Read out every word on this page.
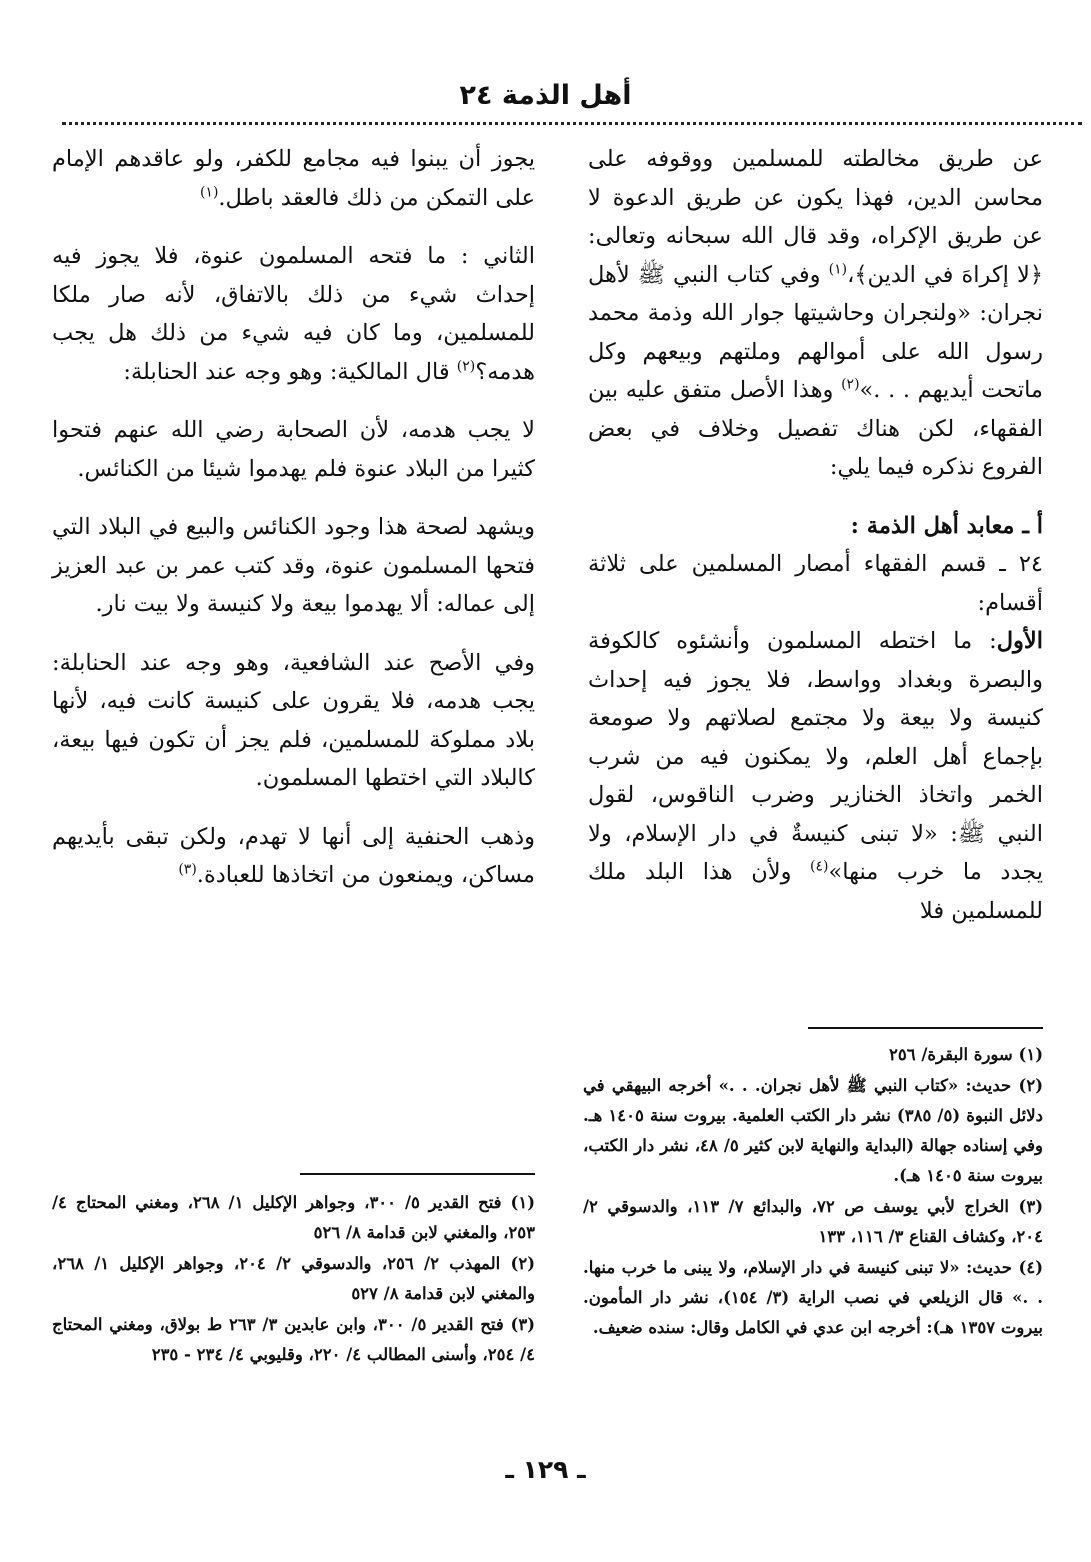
أهل الذمة ٢٤

عن طريق مخالطته للمسلمين ووقوفه على محاسن الدين، فهذا يكون عن طريق الدعوة لا عن طريق الإكراه، وقد قال الله سبحانه وتعالى: ﴿لا إكراهَ في الدين﴾،$^{(١)}$ وفي كتاب النبي ﷺ لأهل نجران: «ولنجران وحاشيتها جوار الله وذمة محمد رسول الله على أموالهم وملتهم وبيعهم وكل ماتحت أيديهم . . .»$^{(٢)}$ وهذا الأصل متفق عليه بين الفقهاء، لكن هناك تفصيل وخلاف في بعض الفروع نذكره فيما يلي:

أ ـ معابد أهل الذمة :

٢٤ ـ قسم الفقهاء أمصار المسلمين على ثلاثة أقسام:

الأول: ما اختطه المسلمون وأنشئوه كالكوفة والبصرة وبغداد وواسط، فلا يجوز فيه إحداث كنيسة ولا بيعة ولا مجتمع لصلاتهم ولا صومعة بإجماع أهل العلم، ولا يمكنون فيه من شرب الخمر واتخاذ الخنازير وضرب الناقوس، لقول النبي ﷺ: «لا تبنى كنيسةٌ في دار الإسلام، ولا يجدد ما خرب منها»$^{(٤)}$ ولأن هذا البلد ملك للمسلمين فلا

يجوز أن يبنوا فيه مجامع للكفر، ولو عاقدهم الإمام على التمكن من ذلك فالعقد باطل.$^{(١)}$

الثاني : ما فتحه المسلمون عنوة، فلا يجوز فيه إحداث شيء من ذلك بالاتفاق، لأنه صار ملكا للمسلمين، وما كان فيه شيء من ذلك هل يجب هدمه؟$^{(٢)}$ قال المالكية: وهو وجه عند الحنابلة:

لا يجب هدمه، لأن الصحابة رضي الله عنهم فتحوا كثيرا من البلاد عنوة فلم يهدموا شيئا من الكنائس.

ويشهد لصحة هذا وجود الكنائس والبيع في البلاد التي فتحها المسلمون عنوة، وقد كتب عمر بن عبد العزيز إلى عماله: ألا يهدموا بيعة ولا كنيسة ولا بيت نار.

وفي الأصح عند الشافعية، وهو وجه عند الحنابلة: يجب هدمه، فلا يقرون على كنيسة كانت فيه، لأنها بلاد مملوكة للمسلمين، فلم يجز أن تكون فيها بيعة، كالبلاد التي اختطها المسلمون.

وذهب الحنفية إلى أنها لا تهدم، ولكن تبقى بأيديهم مساكن، ويمنعون من اتخاذها للعبادة.$^{(٣)}$

(١) سورة البقرة/ ٢٥٦

(٢) حديث: «كتاب النبي ﷺ لأهل نجران. . .» أخرجه البيهقي في دلائل النبوة (٥/ ٣٨٥) نشر دار الكتب العلمية. بيروت سنة ١٤٠٥ هـ. وفي إسناده جهالة (البداية والنهاية لابن كثير ٥/ ٤٨، نشر دار الكتب، بيروت سنة ١٤٠٥ هـ).

(٣) الخراج لأبي يوسف ص ٧٢، والبدائع ٧/ ١١٣، والدسوقي ٢/ ٢٠٤، وكشاف القناع ٣/ ١١٦، ١٣٣

(٤) حديث: «لا تبنى كنيسة في دار الإسلام، ولا يبنى ما خرب منها. . .» قال الزيلعي في نصب الراية (٣/ ١٥٤)، نشر دار المأمون. بيروت ١٣٥٧ هـ): أخرجه ابن عدي في الكامل وقال: سنده ضعيف.

(١) فتح القدير ٥/ ٣٠٠، وجواهر الإكليل ١/ ٢٦٨، ومغني المحتاج ٤/ ٢٥٣، والمغني لابن قدامة ٨/ ٥٢٦

(٢) المهذب ٢/ ٢٥٦، والدسوقي ٢/ ٢٠٤، وجواهر الإكليل ١/ ٢٦٨، والمغني لابن قدامة ٨/ ٥٢٧

(٣) فتح القدير ٥/ ٣٠٠، وابن عابدين ٣/ ٢٦٣ ط بولاق، ومغني المحتاج ٤/ ٢٥٤، وأسنى المطالب ٤/ ٢٢٠، وقليوبي ٤/ ٢٣٤ - ٢٣٥

ـ ١٢٩ ـ
